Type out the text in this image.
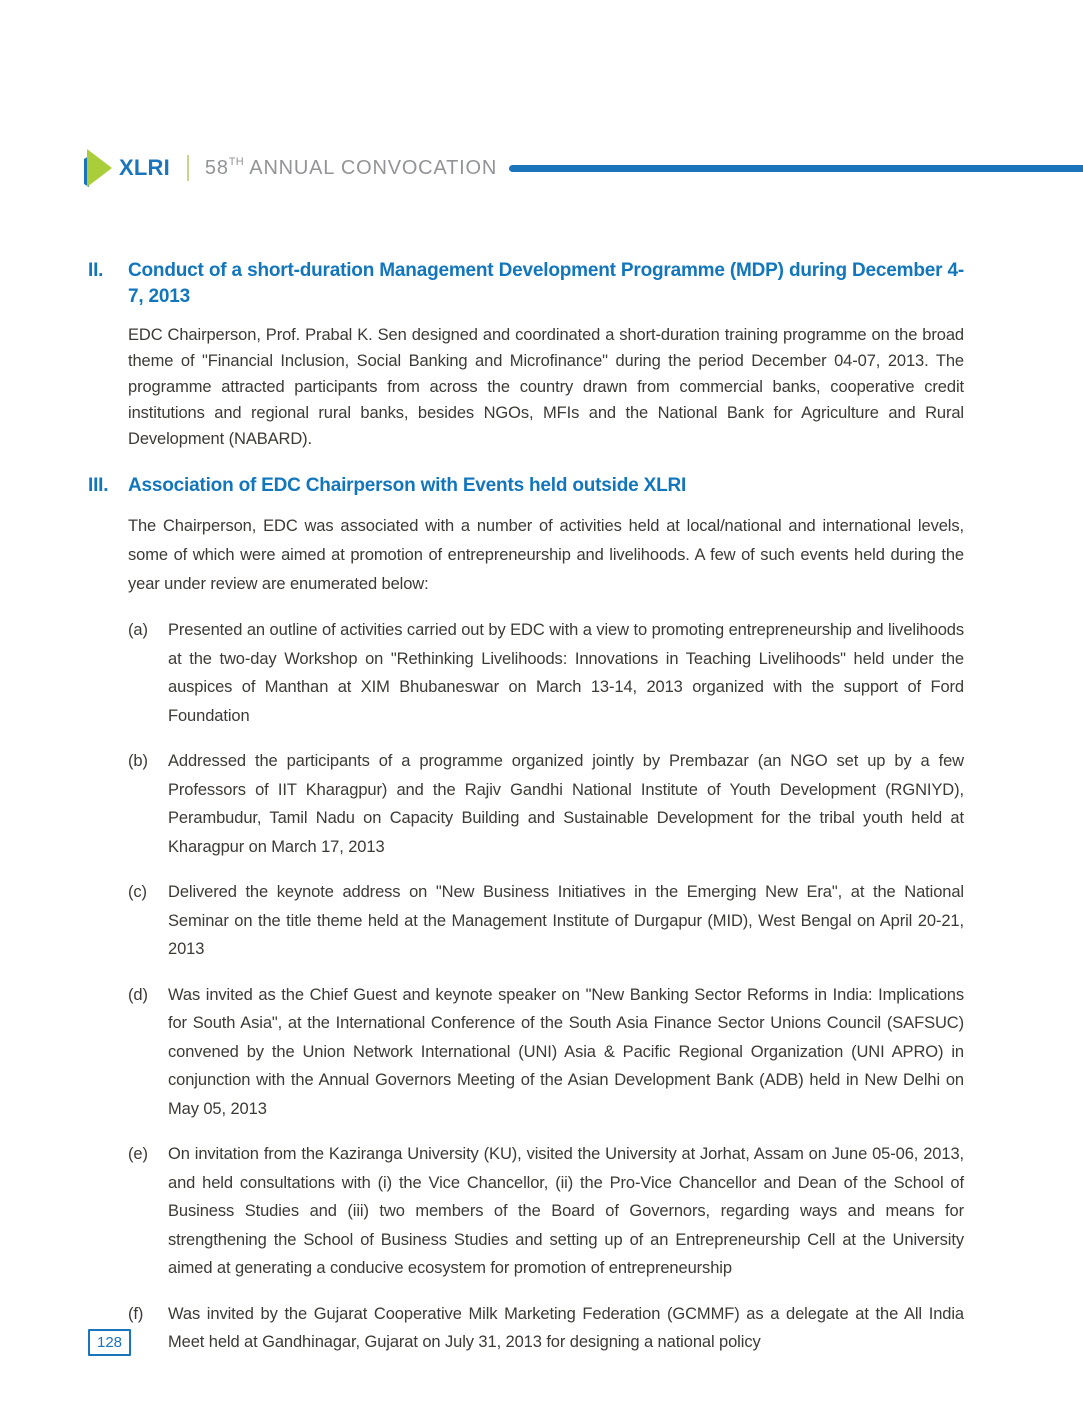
XLRI 58TH ANNUAL CONVOCATION
II.	Conduct of a short-duration Management Development Programme (MDP) during December 4-7, 2013
EDC Chairperson, Prof. Prabal K. Sen designed and coordinated a short-duration training programme on the broad theme of "Financial Inclusion, Social Banking and Microfinance" during the period December 04-07, 2013. The programme attracted participants from across the country drawn from commercial banks, cooperative credit institutions and regional rural banks, besides NGOs, MFIs and the National Bank for Agriculture and Rural Development (NABARD).
III.	Association of EDC Chairperson with Events held outside XLRI
The Chairperson, EDC was associated with a number of activities held at local/national and international levels, some of which were aimed at promotion of entrepreneurship and livelihoods. A few of such events held during the year under review are enumerated below:
(a)	Presented an outline of activities carried out by EDC with a view to promoting entrepreneurship and livelihoods at the two-day Workshop on "Rethinking Livelihoods: Innovations in Teaching Livelihoods" held under the auspices of Manthan at XIM Bhubaneswar on March 13-14, 2013 organized with the support of Ford Foundation
(b)	Addressed the participants of a programme organized jointly by Prembazar (an NGO set up by a few Professors of IIT Kharagpur) and the Rajiv Gandhi National Institute of Youth Development (RGNIYD), Perambudur, Tamil Nadu on Capacity Building and Sustainable Development for the tribal youth held at Kharagpur on March 17, 2013
(c)	Delivered the keynote address on "New Business Initiatives in the Emerging New Era", at the National Seminar on the title theme held at the Management Institute of Durgapur (MID), West Bengal on April 20-21, 2013
(d)	Was invited as the Chief Guest and keynote speaker on "New Banking Sector Reforms in India: Implications for South Asia", at the International Conference of the South Asia Finance Sector Unions Council (SAFSUC) convened by the Union Network International (UNI) Asia & Pacific Regional Organization (UNI APRO) in conjunction with the Annual Governors Meeting of the Asian Development Bank (ADB) held in New Delhi on May 05, 2013
(e)	On invitation from the Kaziranga University (KU), visited the University at Jorhat, Assam on June 05-06, 2013, and held consultations with (i) the Vice Chancellor, (ii) the Pro-Vice Chancellor and Dean of the School of Business Studies and (iii) two members of the Board of Governors, regarding ways and means for strengthening the School of Business Studies and setting up of an Entrepreneurship Cell at the University aimed at generating a conducive ecosystem for promotion of entrepreneurship
(f)	Was invited by the Gujarat Cooperative Milk Marketing Federation (GCMMF) as a delegate at the All India Meet held at Gandhinagar, Gujarat on July 31, 2013 for designing a national policy
128
